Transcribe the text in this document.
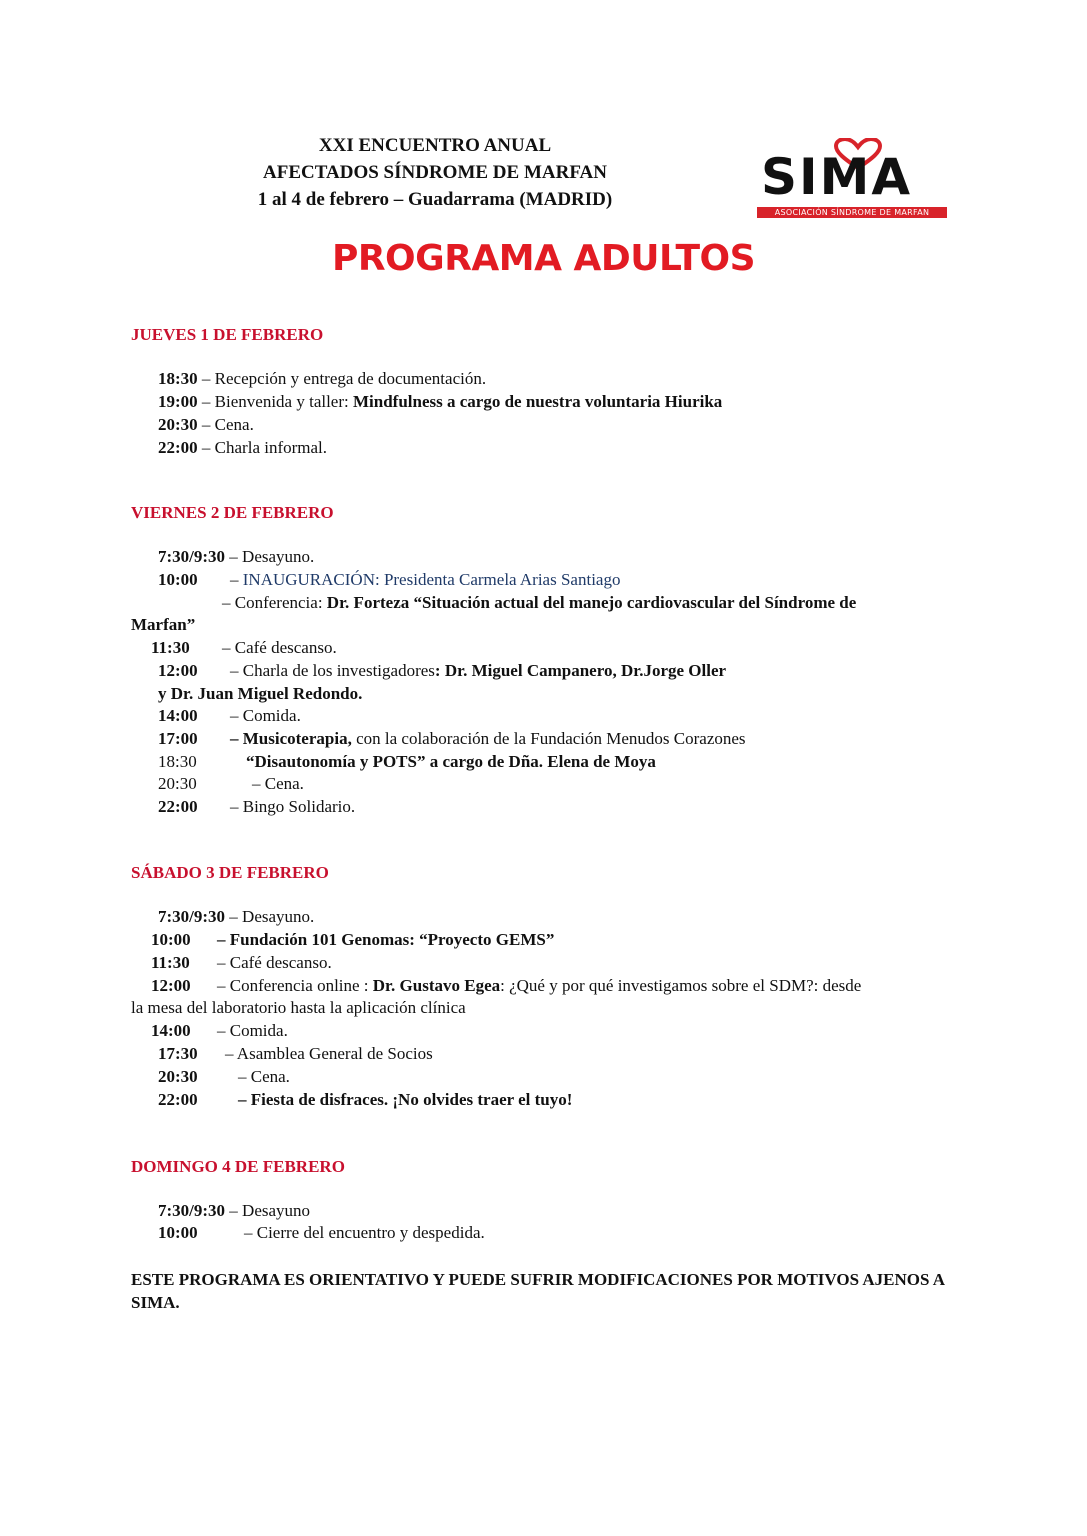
XXI ENCUENTRO ANUAL
AFECTADOS SÍNDROME DE MARFAN
1 al 4 de febrero – Guadarrama (MADRID)	SIMA
ASOCIACIÓN SÍNDROME DE MARFAN
PROGRAMA ADULTOS
JUEVES 1 DE FEBRERO
18:30 – Recepción y entrega de documentación.
19:00 – Bienvenida y taller: Mindfulness a cargo de nuestra voluntaria Hiurika
20:30 – Cena.
22:00 – Charla informal.
VIERNES 2 DE FEBRERO
7:30/9:30 – Desayuno.
10:00 – INAUGURACIÓN: Presidenta Carmela Arias Santiago
– Conferencia: Dr. Forteza “Situación actual del manejo cardiovascular del Síndrome de
Marfan”
11:30 – Café descanso.
12:00 – Charla de los investigadores: Dr. Miguel Campanero, Dr.Jorge Oller
y Dr. Juan Miguel Redondo.
14:00 – Comida.
17:00 – Musicoterapia, con la colaboración de la Fundación Menudos Corazones
18:30	“Disautonomía y POTS” a cargo de Dña. Elena de Moya
20:30	– Cena.
22:00 – Bingo Solidario.
SÁBADO 3 DE FEBRERO
7:30/9:30 – Desayuno.
10:00 – Fundación 101 Genomas: “Proyecto GEMS”
11:30 – Café descanso.
12:00 – Conferencia online : Dr. Gustavo Egea: ¿Qué y por qué investigamos sobre el SDM?: desde
la mesa del laboratorio hasta la aplicación clínica
14:00 – Comida.
17:30 – Asamblea General de Socios
20:30 – Cena.
22:00 – Fiesta de disfraces. ¡No olvides traer el tuyo!
DOMINGO 4 DE FEBRERO
7:30/9:30 – Desayuno
10:00	– Cierre del encuentro y despedida.
ESTE PROGRAMA ES ORIENTATIVO Y PUEDE SUFRIR MODIFICACIONES POR MOTIVOS AJENOS A SIMA.
